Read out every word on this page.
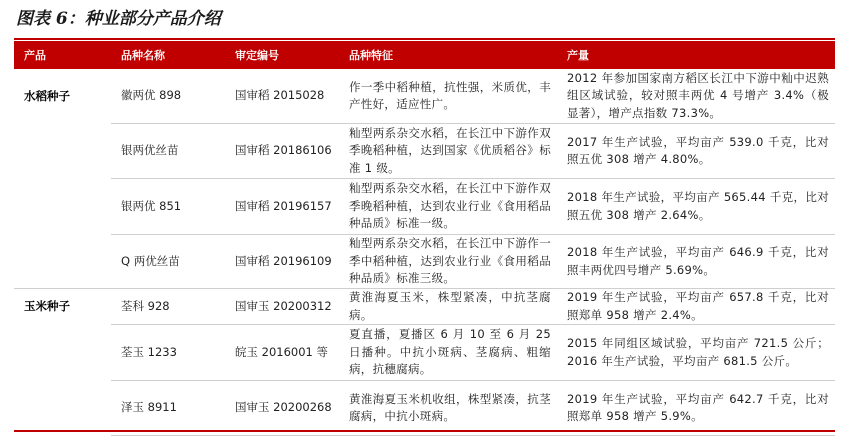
图表 6：种业部分产品介绍
产品	品种名称	审定编号	品种特征	产量
水稻种子	徽两优 898	国审稻 2015028	作一季中稻种植，抗性强，米质优，丰产性好，适应性广。	2012 年参加国家南方稻区长江中下游中籼中迟熟组区域试验，较对照丰两优 4 号增产 3.4%（极显著），增产点指数 73.3%。
	银两优丝苗	国审稻 20186106	籼型两系杂交水稻，在长江中下游作双季晚稻种植，达到国家《优质稻谷》标准 1 级。	2017 年生产试验，平均亩产 539.0 千克，比对照五优 308 增产 4.80%。
	银两优 851	国审稻 20196157	籼型两系杂交水稻，在长江中下游作双季晚稻种植，达到农业行业《食用稻品种品质》标准一级。	2018 年生产试验，平均亩产 565.44 千克，比对照五优 308 增产 2.64%。
	Q 两优丝苗	国审稻 20196109	籼型两系杂交水稻，在长江中下游作一季中稻种植，达到农业行业《食用稻品种品质》标准三级。	2018 年生产试验，平均亩产 646.9 千克，比对照丰两优四号增产 5.69%。
玉米种子	荃科 928	国审玉 20200312	黄淮海夏玉米，株型紧凑，中抗茎腐病。	2019 年生产试验，平均亩产 657.8 千克，比对照郑单 958 增产 2.4%。
	荃玉 1233	皖玉 2016001 等	夏直播，夏播区 6 月 10 至 6 月 25 日播种。中抗小斑病、茎腐病、粗缩病，抗穗腐病。	2015 年同组区域试验，平均亩产 721.5 公斤；2016 年生产试验，平均亩产 681.5 公斤。
	泽玉 8911	国审玉 20200268	黄淮海夏玉米机收组，株型紧凑，抗茎腐病，中抗小斑病。	2019 年生产试验，平均亩产 642.7 千克，比对照郑单 958 增产 5.9%。
